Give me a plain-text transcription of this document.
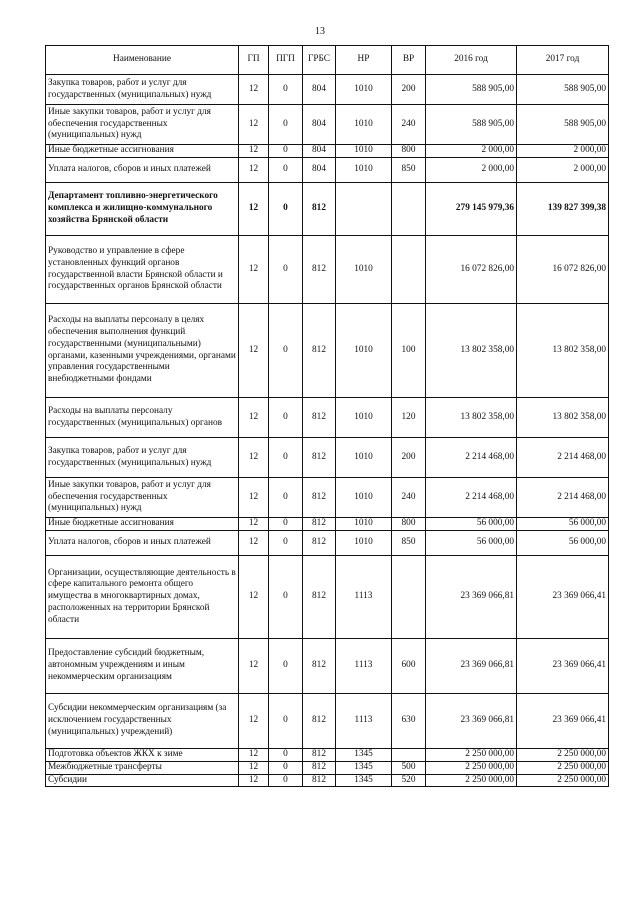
13
Наименование	ГП	ПГП	ГРБС	НР	ВР	2016 год	2017 год
Закупка товаров, работ и услуг для государственных (муниципальных) нужд	12	0	804	1010	200	588 905,00	588 905,00
Иные закупки товаров, работ и услуг для обеспечения государственных (муниципальных) нужд	12	0	804	1010	240	588 905,00	588 905,00
Иные бюджетные ассигнования	12	0	804	1010	800	2 000,00	2 000,00
Уплата налогов, сборов и иных платежей	12	0	804	1010	850	2 000,00	2 000,00
Департамент топливно-энергетического комплекса и жилищно-коммунального хозяйства Брянской области	12	0	812			279 145 979,36	139 827 399,38
Руководство и управление в сфере установленных функций органов государственной власти Брянской области и государственных органов Брянской области	12	0	812	1010		16 072 826,00	16 072 826,00
Расходы на выплаты персоналу в целях обеспечения выполнения функций государственными (муниципальными) органами, казенными учреждениями, органами управления государственными внебюджетными фондами	12	0	812	1010	100	13 802 358,00	13 802 358,00
Расходы на выплаты персоналу государственных (муниципальных) органов	12	0	812	1010	120	13 802 358,00	13 802 358,00
Закупка товаров, работ и услуг для государственных (муниципальных) нужд	12	0	812	1010	200	2 214 468,00	2 214 468,00
Иные закупки товаров, работ и услуг для обеспечения государственных (муниципальных) нужд	12	0	812	1010	240	2 214 468,00	2 214 468,00
Иные бюджетные ассигнования	12	0	812	1010	800	56 000,00	56 000,00
Уплата налогов, сборов и иных платежей	12	0	812	1010	850	56 000,00	56 000,00
Организации, осуществляющие деятельность в сфере капитального ремонта общего имущества в многоквартирных домах, расположенных на территории Брянской области	12	0	812	1113		23 369 066,81	23 369 066,41
Предоставление субсидий бюджетным, автономным учреждениям и иным некоммерческим организациям	12	0	812	1113	600	23 369 066,81	23 369 066,41
Субсидии некоммерческим организациям (за исключением государственных (муниципальных) учреждений)	12	0	812	1113	630	23 369 066,81	23 369 066,41
Подготовка объектов ЖКХ к зиме	12	0	812	1345		2 250 000,00	2 250 000,00
Межбюджетные трансферты	12	0	812	1345	500	2 250 000,00	2 250 000,00
Субсидии	12	0	812	1345	520	2 250 000,00	2 250 000,00
